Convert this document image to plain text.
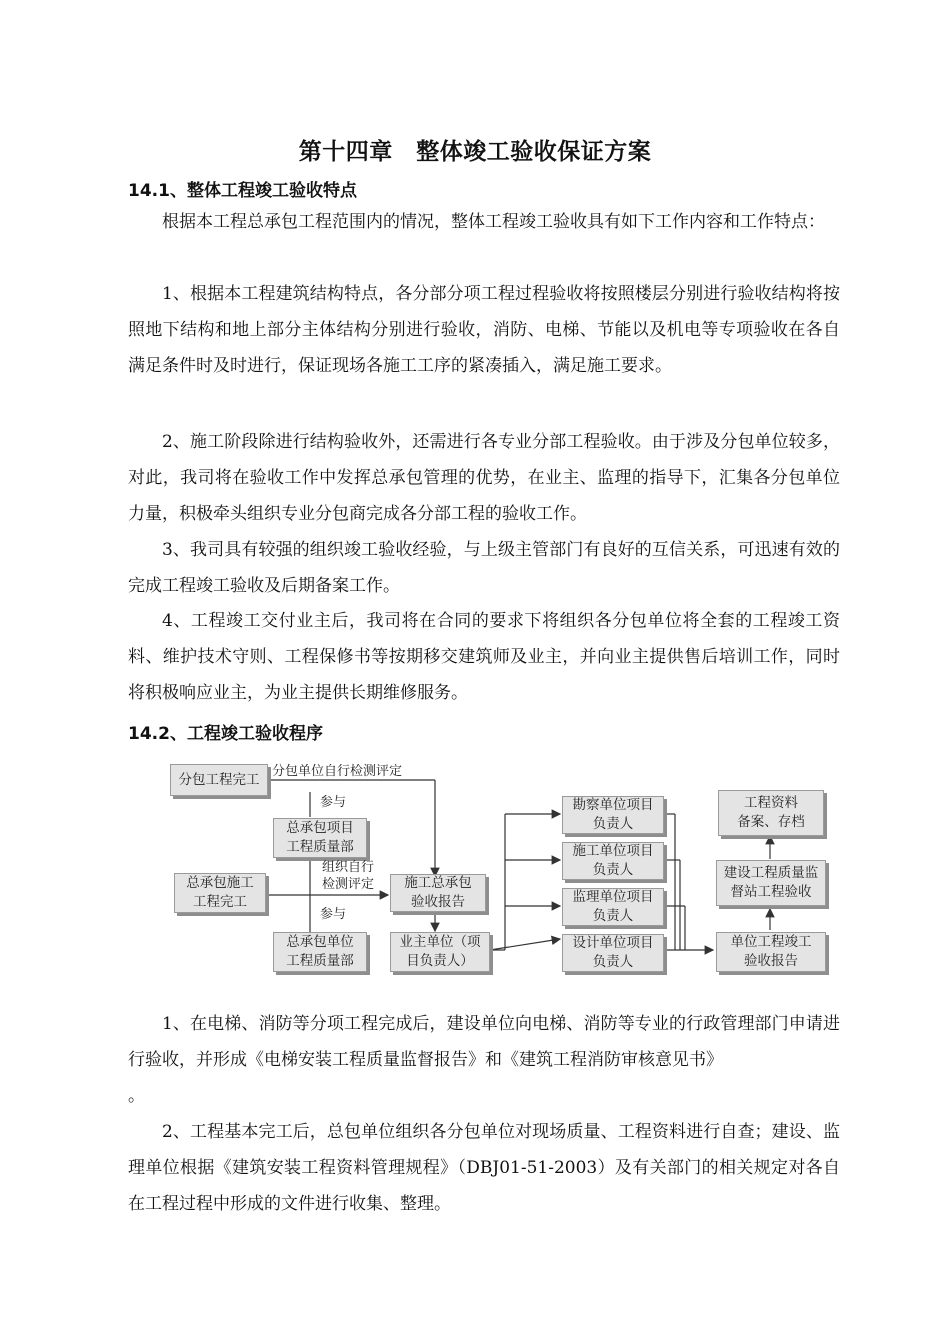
第十四章　整体竣工验收保证方案
14.1、整体工程竣工验收特点

根据本工程总承包工程范围内的情况，整体工程竣工验收具有如下工作内容和工作特点：

1、根据本工程建筑结构特点，各分部分项工程过程验收将按照楼层分别进行验收结构将按照地下结构和地上部分主体结构分别进行验收，消防、电梯、节能以及机电等专项验收在各自满足条件时及时进行，保证现场各施工工序的紧凑插入，满足施工要求。

2、施工阶段除进行结构验收外，还需进行各专业分部工程验收。由于涉及分包单位较多，对此，我司将在验收工作中发挥总承包管理的优势，在业主、监理的指导下，汇集各分包单位力量，积极牵头组织专业分包商完成各分部工程的验收工作。

3、我司具有较强的组织竣工验收经验，与上级主管部门有良好的互信关系，可迅速有效的完成工程竣工验收及后期备案工作。

4、工程竣工交付业主后，我司将在合同的要求下将组织各分包单位将全套的工程竣工资料、维护技术守则、工程保修书等按期移交建筑师及业主，并向业主提供售后培训工作，同时将积极响应业主，为业主提供长期维修服务。

14.2、工程竣工验收程序
分包工程完工
总承包项目
工程质量部
总承包施工
工程完工
总承包单位
工程质量部
施工总承包
验收报告
业主单位（项
目负责人）
勘察单位项目
负责人
施工单位项目
负责人
监理单位项目
负责人
设计单位项目
负责人
工程资料
备案、存档
建设工程质量监
督站工程验收
单位工程竣工
验收报告
分包单位自行检测评定
参与
组织自行
检测评定
参与

1、在电梯、消防等分项工程完成后，建设单位向电梯、消防等专业的行政管理部门申请进行验收，并形成《电梯安装工程质量监督报告》和《建筑工程消防审核意见书》

。

2、工程基本完工后，总包单位组织各分包单位对现场质量、工程资料进行自查；建设、监理单位根据《建筑安装工程资料管理规程》（DBJ01-51-2003）及有关部门的相关规定对各自在工程过程中形成的文件进行收集、整理。
